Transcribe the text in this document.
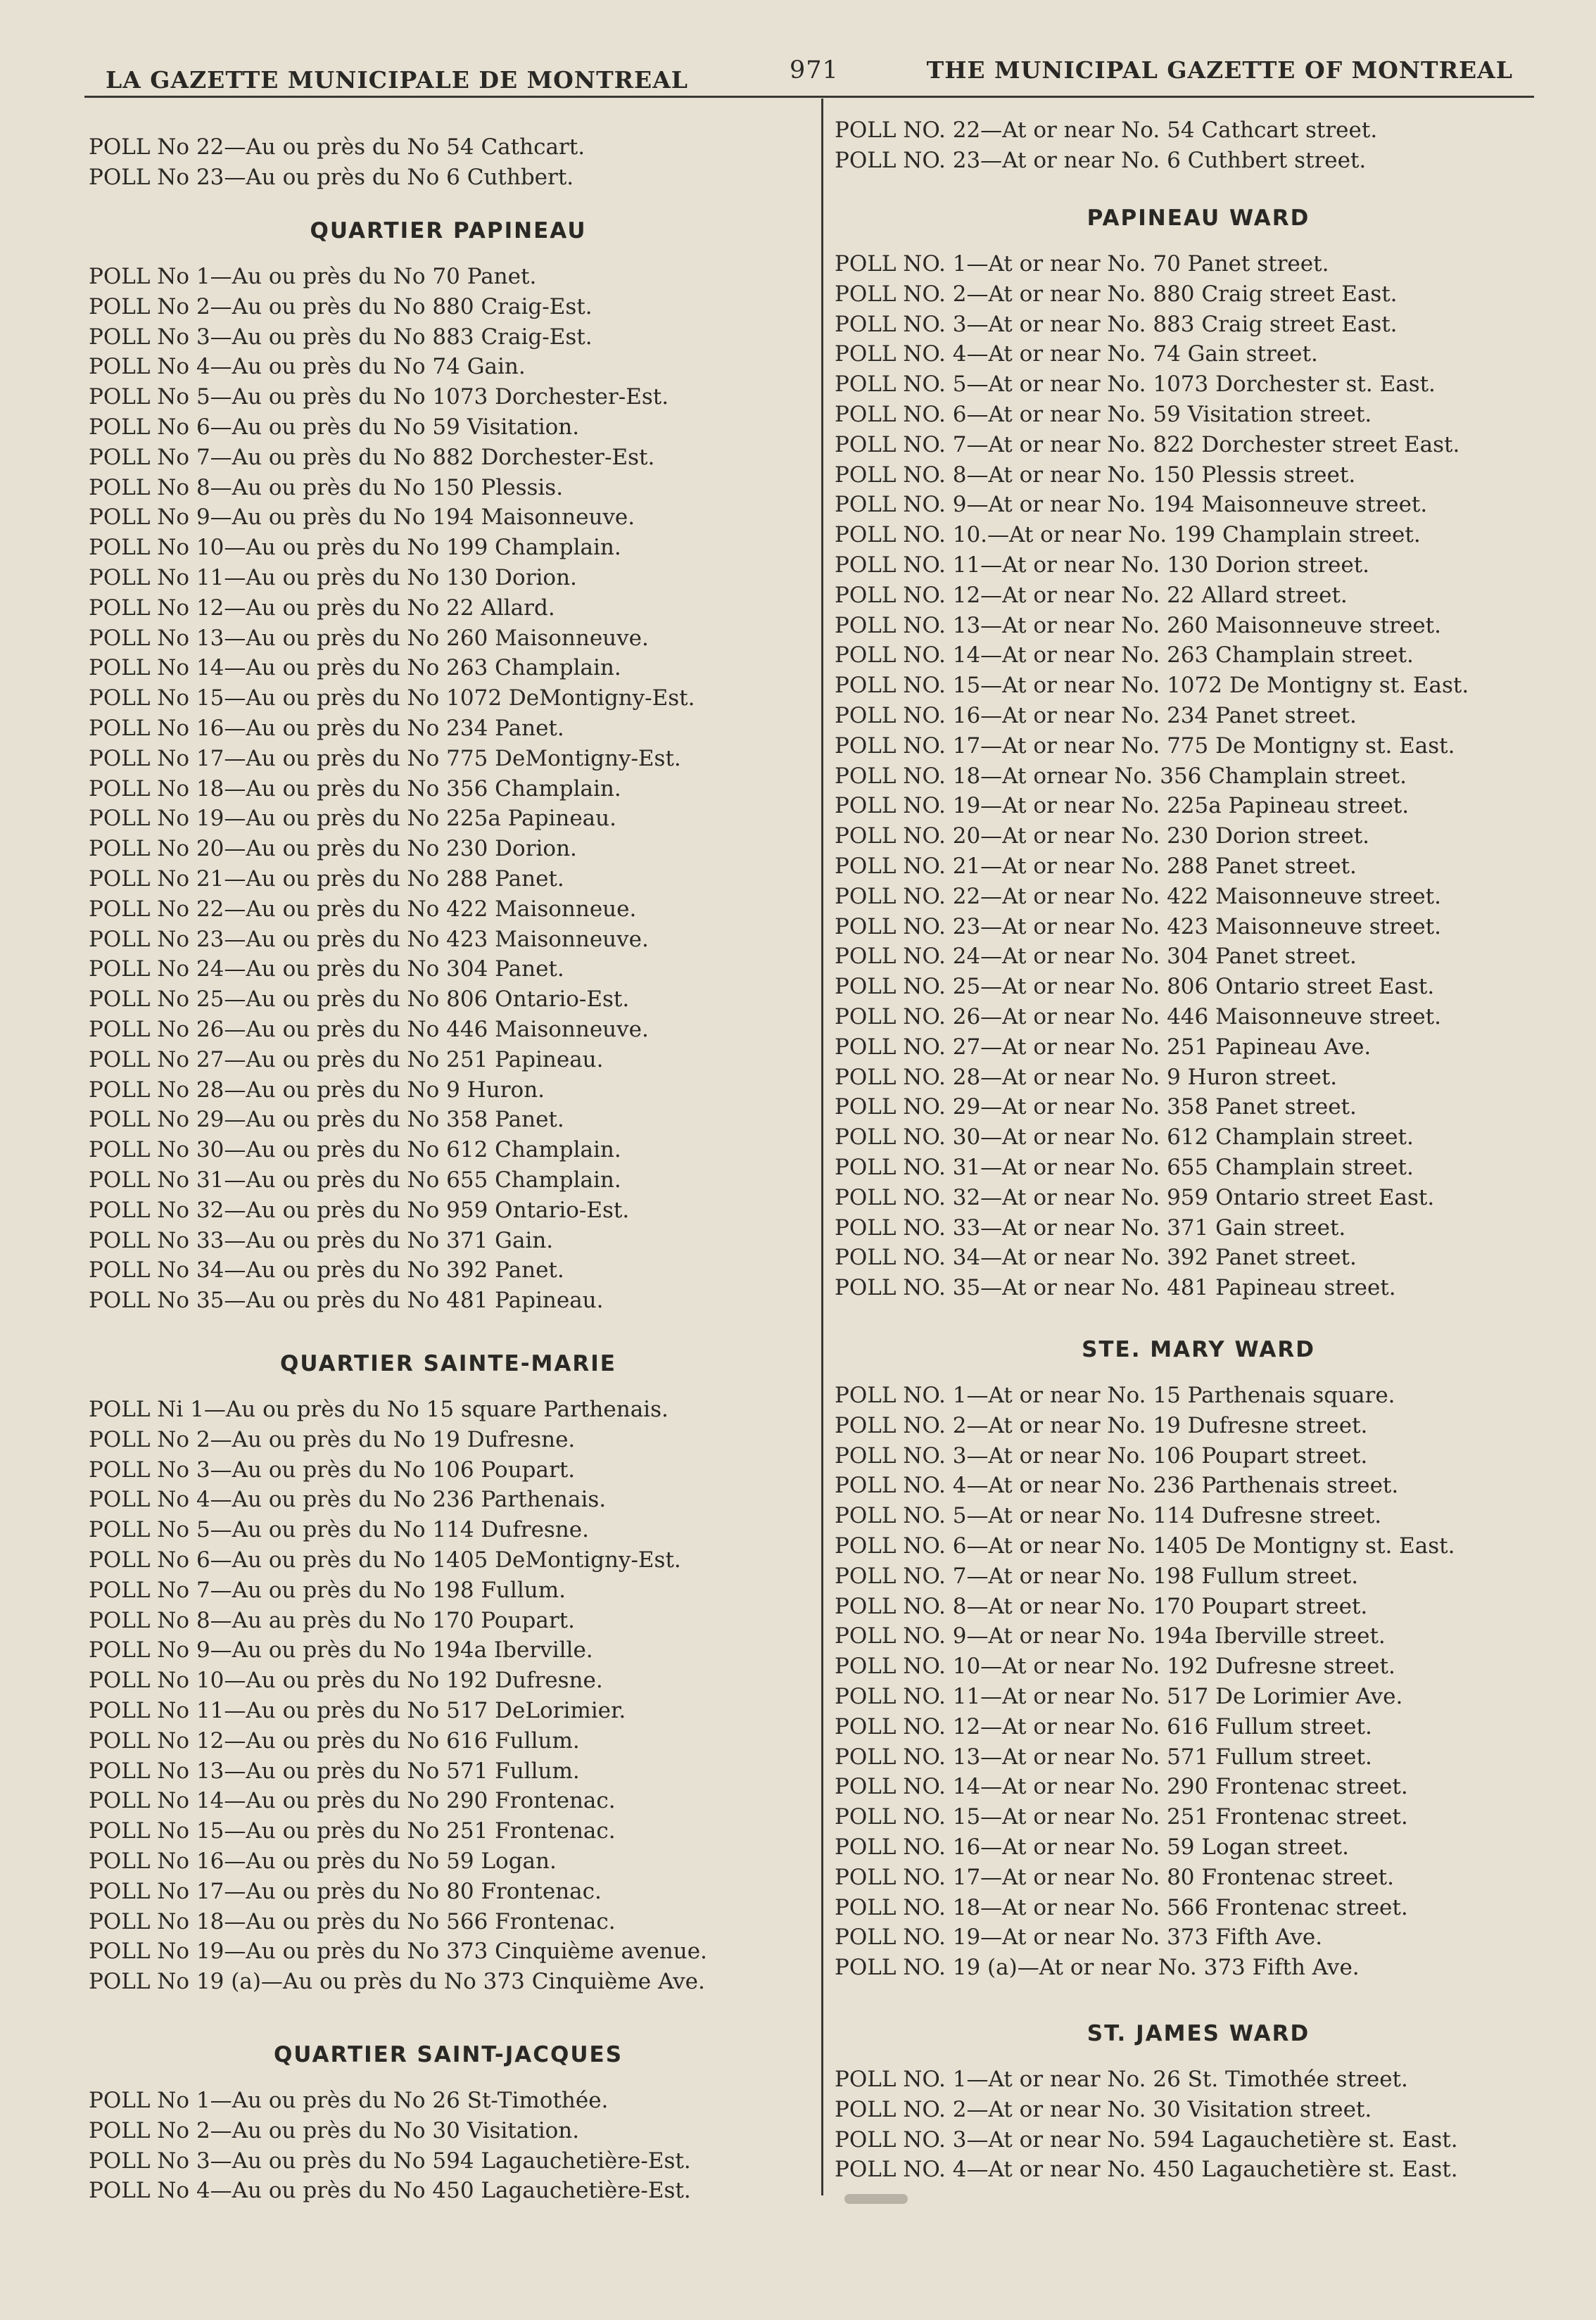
LA GAZETTE MUNICIPALE DE MONTREAL	971	THE MUNICIPAL GAZETTE OF MONTREAL
POLL No 22—Au ou près du No 54 Cathcart.
POLL No 23—Au ou près du No 6 Cuthbert.
QUARTIER PAPINEAU
POLL No 1—Au ou près du No 70 Panet.
POLL No 2—Au ou près du No 880 Craig-Est.
POLL No 3—Au ou près du No 883 Craig-Est.
POLL No 4—Au ou près du No 74 Gain.
POLL No 5—Au ou près du No 1073 Dorchester-Est.
POLL No 6—Au ou près du No 59 Visitation.
POLL No 7—Au ou près du No 882 Dorchester-Est.
POLL No 8—Au ou près du No 150 Plessis.
POLL No 9—Au ou près du No 194 Maisonneuve.
POLL No 10—Au ou près du No 199 Champlain.
POLL No 11—Au ou près du No 130 Dorion.
POLL No 12—Au ou près du No 22 Allard.
POLL No 13—Au ou près du No 260 Maisonneuve.
POLL No 14—Au ou près du No 263 Champlain.
POLL No 15—Au ou près du No 1072 DeMontigny-Est.
POLL No 16—Au ou près du No 234 Panet.
POLL No 17—Au ou près du No 775 DeMontigny-Est.
POLL No 18—Au ou près du No 356 Champlain.
POLL No 19—Au ou près du No 225a Papineau.
POLL No 20—Au ou près du No 230 Dorion.
POLL No 21—Au ou près du No 288 Panet.
POLL No 22—Au ou près du No 422 Maisonneue.
POLL No 23—Au ou près du No 423 Maisonneuve.
POLL No 24—Au ou près du No 304 Panet.
POLL No 25—Au ou près du No 806 Ontario-Est.
POLL No 26—Au ou près du No 446 Maisonneuve.
POLL No 27—Au ou près du No 251 Papineau.
POLL No 28—Au ou près du No 9 Huron.
POLL No 29—Au ou près du No 358 Panet.
POLL No 30—Au ou près du No 612 Champlain.
POLL No 31—Au ou près du No 655 Champlain.
POLL No 32—Au ou près du No 959 Ontario-Est.
POLL No 33—Au ou près du No 371 Gain.
POLL No 34—Au ou près du No 392 Panet.
POLL No 35—Au ou près du No 481 Papineau.
QUARTIER SAINTE-MARIE
POLL Ni 1—Au ou près du No 15 square Parthenais.
POLL No 2—Au ou près du No 19 Dufresne.
POLL No 3—Au ou près du No 106 Poupart.
POLL No 4—Au ou près du No 236 Parthenais.
POLL No 5—Au ou près du No 114 Dufresne.
POLL No 6—Au ou près du No 1405 DeMontigny-Est.
POLL No 7—Au ou près du No 198 Fullum.
POLL No 8—Au au près du No 170 Poupart.
POLL No 9—Au ou près du No 194a Iberville.
POLL No 10—Au ou près du No 192 Dufresne.
POLL No 11—Au ou près du No 517 DeLorimier.
POLL No 12—Au ou près du No 616 Fullum.
POLL No 13—Au ou près du No 571 Fullum.
POLL No 14—Au ou près du No 290 Frontenac.
POLL No 15—Au ou près du No 251 Frontenac.
POLL No 16—Au ou près du No 59 Logan.
POLL No 17—Au ou près du No 80 Frontenac.
POLL No 18—Au ou près du No 566 Frontenac.
POLL No 19—Au ou près du No 373 Cinquième avenue.
POLL No 19 (a)—Au ou près du No 373 Cinquième Ave.
QUARTIER SAINT-JACQUES
POLL No 1—Au ou près du No 26 St-Timothée.
POLL No 2—Au ou près du No 30 Visitation.
POLL No 3—Au ou près du No 594 Lagauchetière-Est.
POLL No 4—Au ou près du No 450 Lagauchetière-Est.
POLL NO. 22—At or near No. 54 Cathcart street.
POLL NO. 23—At or near No. 6 Cuthbert street.
PAPINEAU WARD
POLL NO. 1—At or near No. 70 Panet street.
POLL NO. 2—At or near No. 880 Craig street East.
POLL NO. 3—At or near No. 883 Craig street East.
POLL NO. 4—At or near No. 74 Gain street.
POLL NO. 5—At or near No. 1073 Dorchester st. East.
POLL NO. 6—At or near No. 59 Visitation street.
POLL NO. 7—At or near No. 822 Dorchester street East.
POLL NO. 8—At or near No. 150 Plessis street.
POLL NO. 9—At or near No. 194 Maisonneuve street.
POLL NO. 10.—At or near No. 199 Champlain street.
POLL NO. 11—At or near No. 130 Dorion street.
POLL NO. 12—At or near No. 22 Allard street.
POLL NO. 13—At or near No. 260 Maisonneuve street.
POLL NO. 14—At or near No. 263 Champlain street.
POLL NO. 15—At or near No. 1072 De Montigny st. East.
POLL NO. 16—At or near No. 234 Panet street.
POLL NO. 17—At or near No. 775 De Montigny st. East.
POLL NO. 18—At ornear No. 356 Champlain street.
POLL NO. 19—At or near No. 225a Papineau street.
POLL NO. 20—At or near No. 230 Dorion street.
POLL NO. 21—At or near No. 288 Panet street.
POLL NO. 22—At or near No. 422 Maisonneuve street.
POLL NO. 23—At or near No. 423 Maisonneuve street.
POLL NO. 24—At or near No. 304 Panet street.
POLL NO. 25—At or near No. 806 Ontario street East.
POLL NO. 26—At or near No. 446 Maisonneuve street.
POLL NO. 27—At or near No. 251 Papineau Ave.
POLL NO. 28—At or near No. 9 Huron street.
POLL NO. 29—At or near No. 358 Panet street.
POLL NO. 30—At or near No. 612 Champlain street.
POLL NO. 31—At or near No. 655 Champlain street.
POLL NO. 32—At or near No. 959 Ontario street East.
POLL NO. 33—At or near No. 371 Gain street.
POLL NO. 34—At or near No. 392 Panet street.
POLL NO. 35—At or near No. 481 Papineau street.
STE. MARY WARD
POLL NO. 1—At or near No. 15 Parthenais square.
POLL NO. 2—At or near No. 19 Dufresne street.
POLL NO. 3—At or near No. 106 Poupart street.
POLL NO. 4—At or near No. 236 Parthenais street.
POLL NO. 5—At or near No. 114 Dufresne street.
POLL NO. 6—At or near No. 1405 De Montigny st. East.
POLL NO. 7—At or near No. 198 Fullum street.
POLL NO. 8—At or near No. 170 Poupart street.
POLL NO. 9—At or near No. 194a Iberville street.
POLL NO. 10—At or near No. 192 Dufresne street.
POLL NO. 11—At or near No. 517 De Lorimier Ave.
POLL NO. 12—At or near No. 616 Fullum street.
POLL NO. 13—At or near No. 571 Fullum street.
POLL NO. 14—At or near No. 290 Frontenac street.
POLL NO. 15—At or near No. 251 Frontenac street.
POLL NO. 16—At or near No. 59 Logan street.
POLL NO. 17—At or near No. 80 Frontenac street.
POLL NO. 18—At or near No. 566 Frontenac street.
POLL NO. 19—At or near No. 373 Fifth Ave.
POLL NO. 19 (a)—At or near No. 373 Fifth Ave.
ST. JAMES WARD
POLL NO. 1—At or near No. 26 St. Timothée street.
POLL NO. 2—At or near No. 30 Visitation street.
POLL NO. 3—At or near No. 594 Lagauchetière st. East.
POLL NO. 4—At or near No. 450 Lagauchetière st. East.
